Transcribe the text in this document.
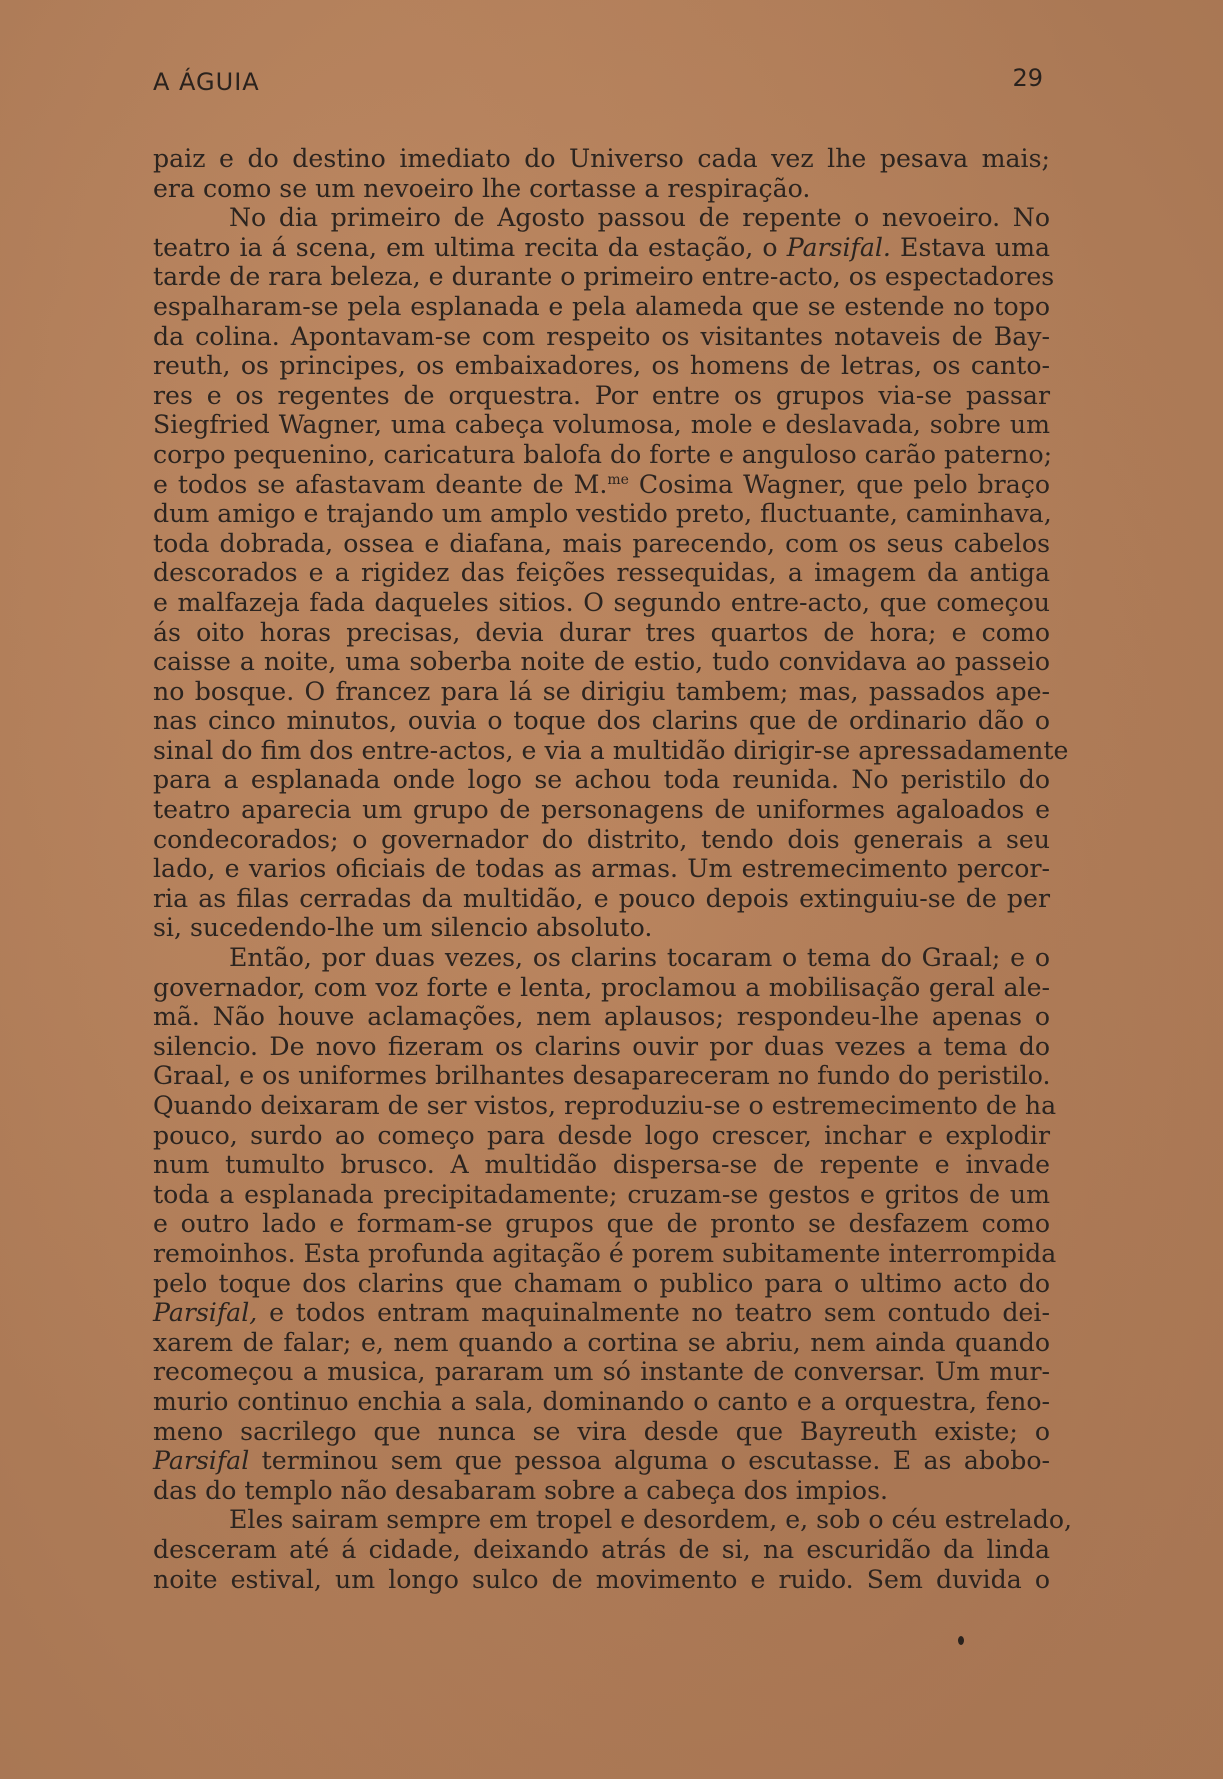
A ÁGUIA	29
paiz e do destino imediato do Universo cada vez lhe pesava mais;
era como se um nevoeiro lhe cortasse a respiração.
No dia primeiro de Agosto passou de repente o nevoeiro. No
teatro ia á scena, em ultima recita da estação, o Parsifal. Estava uma
tarde de rara beleza, e durante o primeiro entre-acto, os espectadores
espalharam-se pela esplanada e pela alameda que se estende no topo
da colina. Apontavam-se com respeito os visitantes notaveis de Bay-
reuth, os principes, os embaixadores, os homens de letras, os canto-
res e os regentes de orquestra. Por entre os grupos via-se passar
Siegfried Wagner, uma cabeça volumosa, mole e deslavada, sobre um
corpo pequenino, caricatura balofa do forte e anguloso carão paterno;
e todos se afastavam deante de M.$^{me}$ Cosima Wagner, que pelo braço
dum amigo e trajando um amplo vestido preto, fluctuante, caminhava,
toda dobrada, ossea e diafana, mais parecendo, com os seus cabelos
descorados e a rigidez das feições ressequidas, a imagem da antiga
e malfazeja fada daqueles sitios. O segundo entre-acto, que começou
ás oito horas precisas, devia durar tres quartos de hora; e como
caisse a noite, uma soberba noite de estio, tudo convidava ao passeio
no bosque. O francez para lá se dirigiu tambem; mas, passados ape-
nas cinco minutos, ouvia o toque dos clarins que de ordinario dão o
sinal do fim dos entre-actos, e via a multidão dirigir-se apressadamente
para a esplanada onde logo se achou toda reunida. No peristilo do
teatro aparecia um grupo de personagens de uniformes agaloados e
condecorados; o governador do distrito, tendo dois generais a seu
lado, e varios oficiais de todas as armas. Um estremecimento percor-
ria as filas cerradas da multidão, e pouco depois extinguiu-se de per
si, sucedendo-lhe um silencio absoluto.
Então, por duas vezes, os clarins tocaram o tema do Graal; e o
governador, com voz forte e lenta, proclamou a mobilisação geral ale-
mã. Não houve aclamações, nem aplausos; respondeu-lhe apenas o
silencio. De novo fizeram os clarins ouvir por duas vezes a tema do
Graal, e os uniformes brilhantes desapareceram no fundo do peristilo.
Quando deixaram de ser vistos, reproduziu-se o estremecimento de ha
pouco, surdo ao começo para desde logo crescer, inchar e explodir
num tumulto brusco. A multidão dispersa-se de repente e invade
toda a esplanada precipitadamente; cruzam-se gestos e gritos de um
e outro lado e formam-se grupos que de pronto se desfazem como
remoinhos. Esta profunda agitação é porem subitamente interrompida
pelo toque dos clarins que chamam o publico para o ultimo acto do
Parsifal, e todos entram maquinalmente no teatro sem contudo dei-
xarem de falar; e, nem quando a cortina se abriu, nem ainda quando
recomeçou a musica, pararam um só instante de conversar. Um mur-
murio continuo enchia a sala, dominando o canto e a orquestra, feno-
meno sacrilego que nunca se vira desde que Bayreuth existe; o
Parsifal terminou sem que pessoa alguma o escutasse. E as abobo-
das do templo não desabaram sobre a cabeça dos impios.
Eles sairam sempre em tropel e desordem, e, sob o céu estrelado,
desceram até á cidade, deixando atrás de si, na escuridão da linda
noite estival, um longo sulco de movimento e ruido. Sem duvida o
